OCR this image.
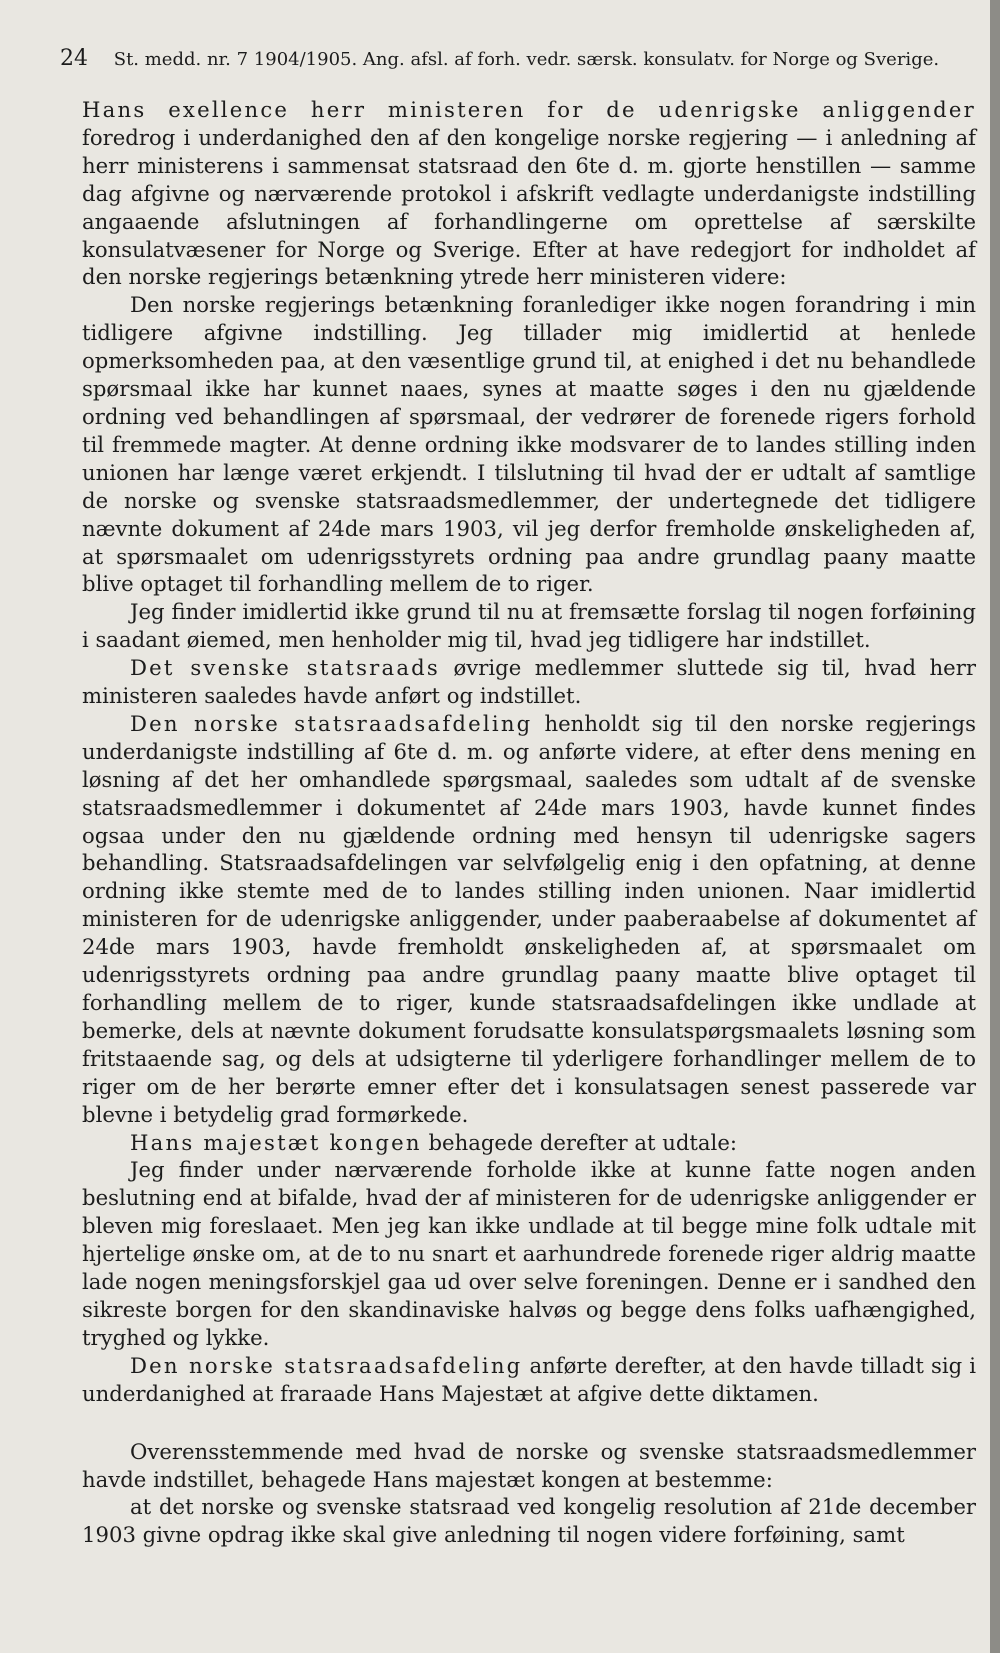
24 St. medd. nr. 7 1904/1905. Ang. afsl. af forh. vedr. særsk. konsulatv. for Norge og Sverige.

Hans exellence herr ministeren for de udenrigske anliggender foredrog i underdanighed den af den kongelige norske regjering — i anledning af herr ministerens i sammensat statsraad den 6te d. m. gjorte henstillen — samme dag afgivne og nærværende protokol i afskrift vedlagte underdanigste indstilling angaaende afslutningen af forhandlingerne om oprettelse af særskilte konsulatvæsener for Norge og Sverige. Efter at have redegjort for indholdet af den norske regjerings betænkning ytrede herr ministeren videre:

Den norske regjerings betænkning foranlediger ikke nogen forandring i min tidligere afgivne indstilling. Jeg tillader mig imidlertid at henlede opmerksomheden paa, at den væsentlige grund til, at enighed i det nu behandlede spørsmaal ikke har kunnet naaes, synes at maatte søges i den nu gjældende ordning ved behandlingen af spørsmaal, der vedrører de forenede rigers forhold til fremmede magter. At denne ordning ikke modsvarer de to landes stilling inden unionen har længe været erkjendt. I tilslutning til hvad der er udtalt af samtlige de norske og svenske statsraadsmedlemmer, der undertegnede det tidligere nævnte dokument af 24de mars 1903, vil jeg derfor fremholde ønskeligheden af, at spørsmaalet om udenrigsstyrets ordning paa andre grundlag paany maatte blive optaget til forhandling mellem de to riger.

Jeg finder imidlertid ikke grund til nu at fremsætte forslag til nogen forføining i saadant øiemed, men henholder mig til, hvad jeg tidligere har indstillet.

Det svenske statsraads øvrige medlemmer sluttede sig til, hvad herr ministeren saaledes havde anført og indstillet.

Den norske statsraadsafdeling henholdt sig til den norske regjerings underdanigste indstilling af 6te d. m. og anførte videre, at efter dens mening en løsning af det her omhandlede spørgsmaal, saaledes som udtalt af de svenske statsraadsmedlemmer i dokumentet af 24de mars 1903, havde kunnet findes ogsaa under den nu gjældende ordning med hensyn til udenrigske sagers behandling. Statsraadsafdelingen var selvfølgelig enig i den opfatning, at denne ordning ikke stemte med de to landes stilling inden unionen. Naar imidlertid ministeren for de udenrigske anliggender, under paaberaabelse af dokumentet af 24de mars 1903, havde fremholdt ønskeligheden af, at spørsmaalet om udenrigsstyrets ordning paa andre grundlag paany maatte blive optaget til forhandling mellem de to riger, kunde statsraadsafdelingen ikke undlade at bemerke, dels at nævnte dokument forudsatte konsulatspørgsmaalets løsning som fritstaaende sag, og dels at udsigterne til yderligere forhandlinger mellem de to riger om de her berørte emner efter det i konsulatsagen senest passerede var blevne i betydelig grad formørkede.

Hans majestæt kongen behagede derefter at udtale:

Jeg finder under nærværende forholde ikke at kunne fatte nogen anden beslutning end at bifalde, hvad der af ministeren for de udenrigske anliggender er bleven mig foreslaaet. Men jeg kan ikke undlade at til begge mine folk udtale mit hjertelige ønske om, at de to nu snart et aarhundrede forenede riger aldrig maatte lade nogen meningsforskjel gaa ud over selve foreningen. Denne er i sandhed den sikreste borgen for den skandinaviske halvøs og begge dens folks uafhængighed, tryghed og lykke.

Den norske statsraadsafdeling anførte derefter, at den havde tilladt sig i underdanighed at fraraade Hans Majestæt at afgive dette diktamen.

Overensstemmende med hvad de norske og svenske statsraadsmedlemmer havde indstillet, behagede Hans majestæt kongen at bestemme:

at det norske og svenske statsraad ved kongelig resolution af 21de december 1903 givne opdrag ikke skal give anledning til nogen videre forføining, samt
